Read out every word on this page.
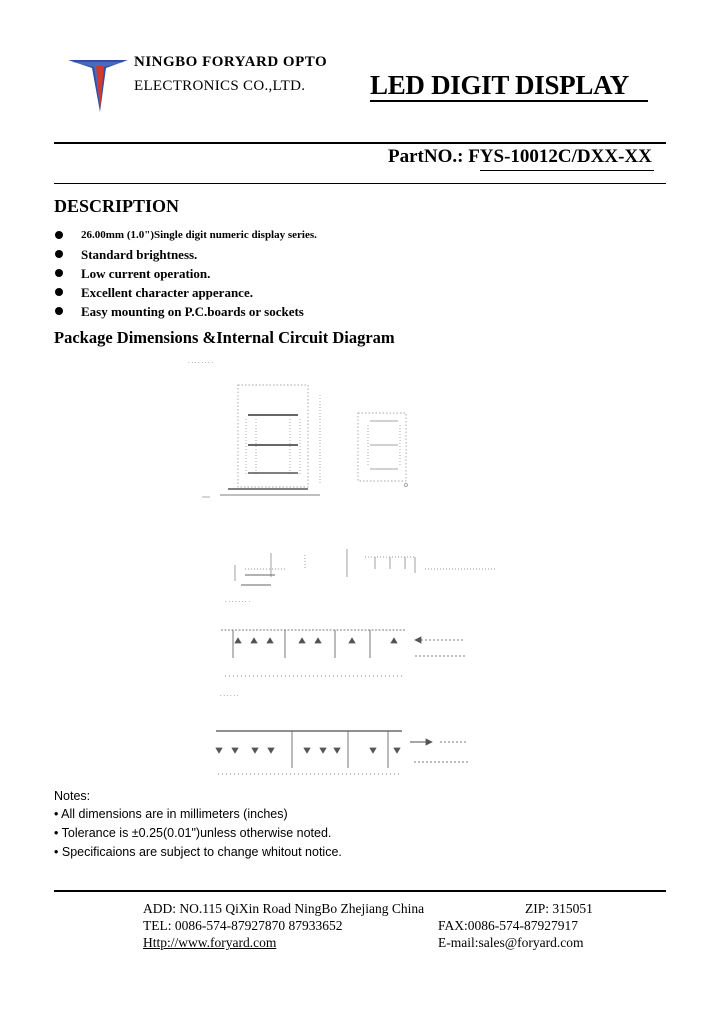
NINGBO FORYARD OPTO
ELECTRONICS CO.,LTD. LED DIGIT DISPLAY
PartNO.: FYS-10012C/DXX-XX
DESCRIPTION
26.00mm (1.0")Single digit numeric display series.
Standard brightness.
Low current operation.
Excellent character apperance.
Easy mounting on P.C.boards or sockets
Package Dimensions &Internal Circuit Diagram
. . . . . . . .
. . . . . . . .
. . . . . .
Notes:
• All dimensions are in millimeters (inches)
• Tolerance is ±0.25(0.01")unless otherwise noted.
• Specificaions are subject to change whitout notice.
ADD: NO.115 QiXin Road NingBo Zhejiang China	ZIP: 315051
TEL: 0086-574-87927870 87933652	FAX:0086-574-87927917
Http://www.foryard.com	E-mail:sales@foryard.com
